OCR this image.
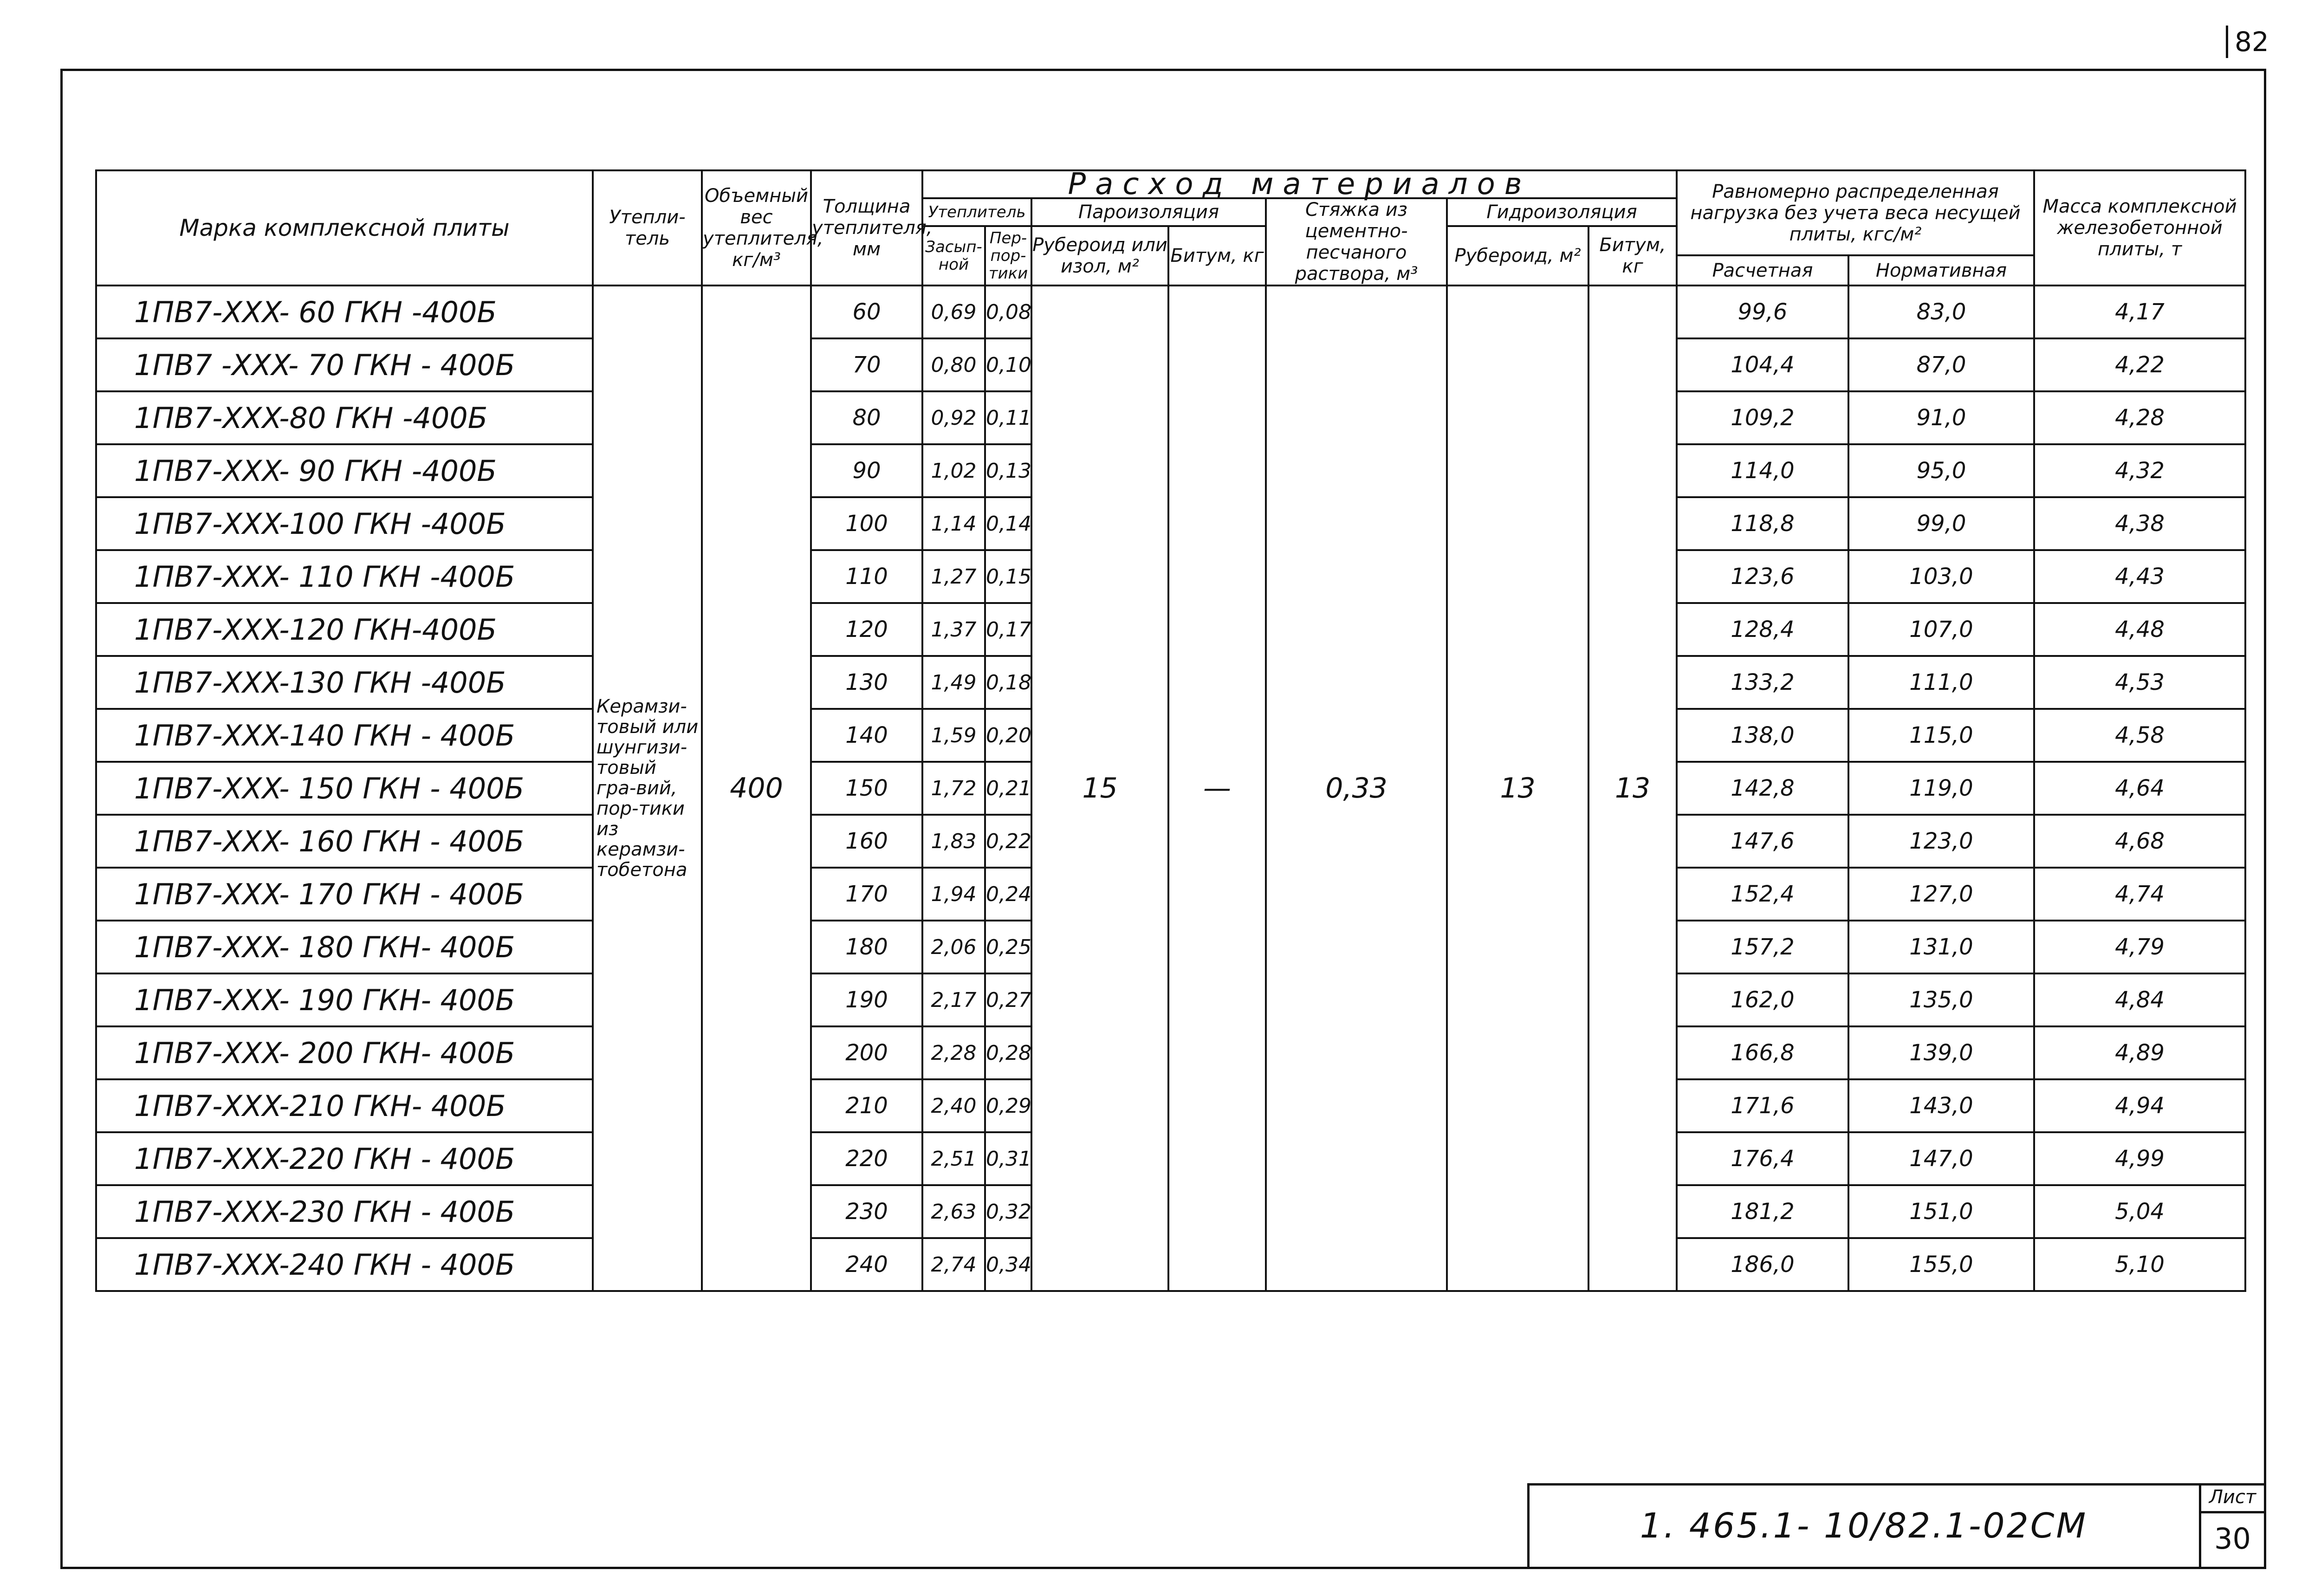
82
Марка комплексной плиты	Утепли-тель	Объемный вес утеплителя, кг/м³	Толщина утеплителя, мм	Расход материалов							Равномерно распределенная нагрузка без учета веса несущей плиты, кгс/м²		Масса комплексной железобетонной плиты, т
				Утеплитель		Пароизоляция		Стяжка из цементно-песчаного раствора, м³	Гидроизоляция				
				Засып-ной	Пер-пор-тики	Рубероид или изол, м²	Битум, кг		Рубероид, м²	Битум, кг			
											Расчетная	Нормативная	
1ПВ7-XXX- 60 ГКН -400Б	Керамзи-товый или шунгизи-товый гра-вий, пор-тики из керамзи-тобетона	400	60	0,69	0,08	15	—	0,33	13	13	99,6	83,0	4,17
1ПВ7 -XXX- 70 ГКН - 400Б			70	0,80	0,10						104,4	87,0	4,22
1ПВ7-XXX-80 ГКН -400Б			80	0,92	0,11						109,2	91,0	4,28
1ПВ7-XXX- 90 ГКН -400Б			90	1,02	0,13						114,0	95,0	4,32
1ПВ7-XXX-100 ГКН -400Б			100	1,14	0,14						118,8	99,0	4,38
1ПВ7-XXX- 110 ГКН -400Б			110	1,27	0,15						123,6	103,0	4,43
1ПВ7-XXX-120 ГКН-400Б			120	1,37	0,17						128,4	107,0	4,48
1ПВ7-XXX-130 ГКН -400Б			130	1,49	0,18						133,2	111,0	4,53
1ПВ7-XXX-140 ГКН - 400Б			140	1,59	0,20						138,0	115,0	4,58
1ПВ7-XXX- 150 ГКН - 400Б			150	1,72	0,21						142,8	119,0	4,64
1ПВ7-XXX- 160 ГКН - 400Б			160	1,83	0,22						147,6	123,0	4,68
1ПВ7-XXX- 170 ГКН - 400Б			170	1,94	0,24						152,4	127,0	4,74
1ПВ7-XXX- 180 ГКН- 400Б			180	2,06	0,25						157,2	131,0	4,79
1ПВ7-XXX- 190 ГКН- 400Б			190	2,17	0,27						162,0	135,0	4,84
1ПВ7-XXX- 200 ГКН- 400Б			200	2,28	0,28						166,8	139,0	4,89
1ПВ7-XXX-210 ГКН- 400Б			210	2,40	0,29						171,6	143,0	4,94
1ПВ7-XXX-220 ГКН - 400Б			220	2,51	0,31						176,4	147,0	4,99
1ПВ7-XXX-230 ГКН - 400Б			230	2,63	0,32						181,2	151,0	5,04
1ПВ7-XXX-240 ГКН - 400Б			240	2,74	0,34						186,0	155,0	5,10
1. 465.1- 10/82.1-02СМ
Лист
30
